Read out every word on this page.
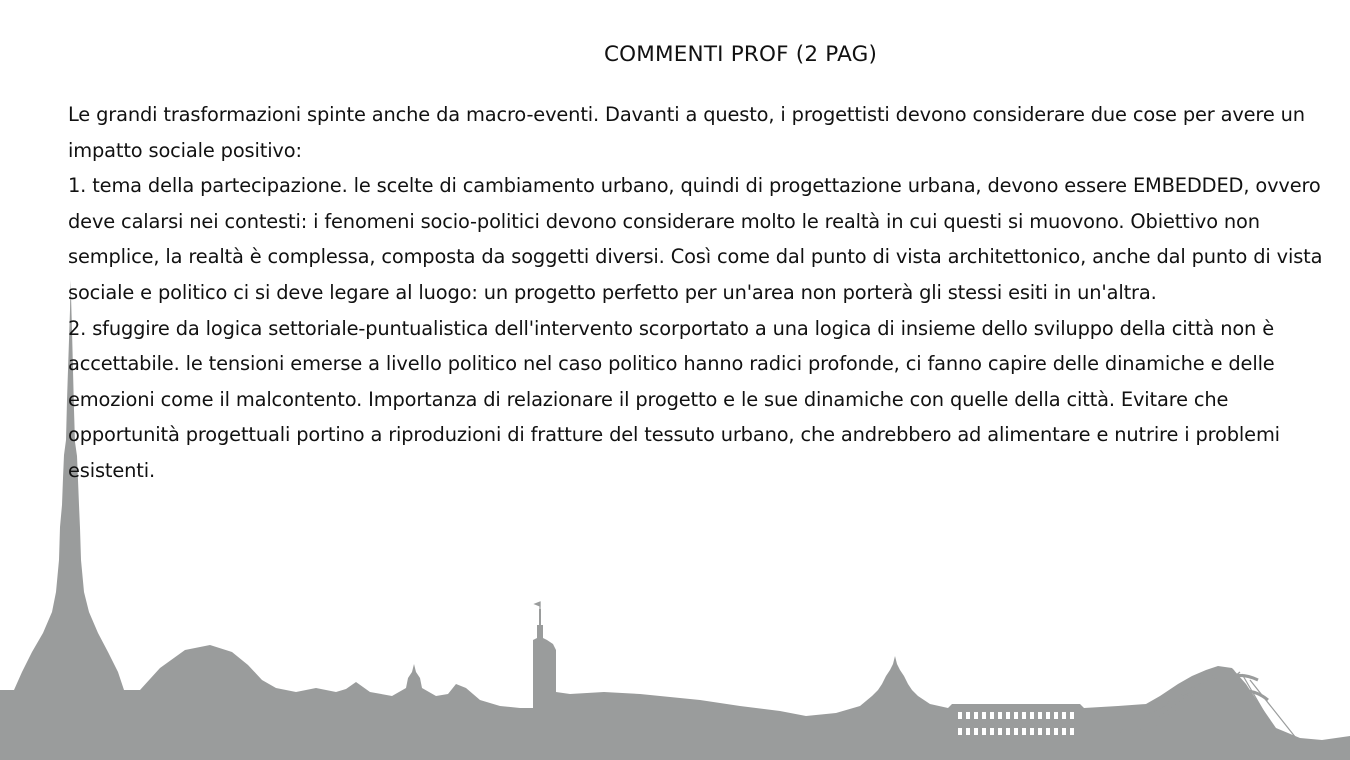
COMMENTI PROF (2 PAG)

Le grandi trasformazioni spinte anche da macro-eventi. Davanti a questo, i progettisti devono considerare due cose per avere un impatto sociale positivo:

1. tema della partecipazione. le scelte di cambiamento urbano, quindi di progettazione urbana, devono essere EMBEDDED, ovvero deve calarsi nei contesti: i fenomeni socio-politici devono considerare molto le realtà in cui questi si muovono. Obiettivo non semplice, la realtà è complessa, composta da soggetti diversi. Così come dal punto di vista architettonico, anche dal punto di vista sociale e politico ci si deve legare al luogo: un progetto perfetto per un'area non porterà gli stessi esiti in un'altra.

2. sfuggire da logica settoriale-puntualistica dell'intervento scorportato a una logica di insieme dello sviluppo della città non è accettabile. le tensioni emerse a livello politico nel caso politico hanno radici profonde, ci fanno capire delle dinamiche e delle emozioni come il malcontento. Importanza di relazionare il progetto e le sue dinamiche con quelle della città. Evitare che opportunità progettuali portino a riproduzioni di fratture del tessuto urbano, che andrebbero ad alimentare e nutrire i problemi esistenti.
